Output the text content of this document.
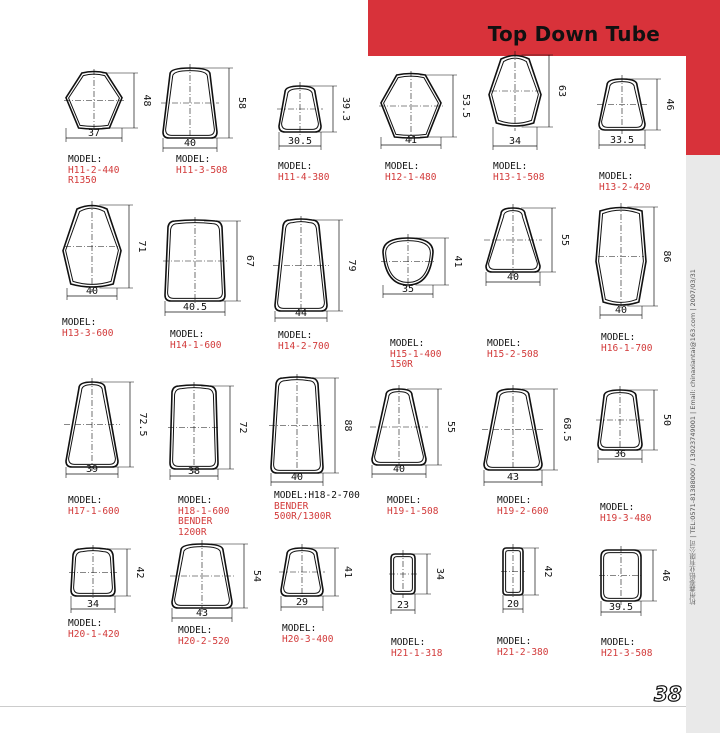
Top Down Tube
杭州鑫泰铝业有限公司 | TEL:0571-81388000 / 13023749001 | Email: chinaxiantai@163.com | 2007/03/31
38
37
48
40
58
30.5
39.3
41
53.5
34
63
33.5
46
40
71
40.5
67
44
79
35
41
40
55
40
86
39
72.5
38
72
40
88
40
55
43
68.5
36
50
34
42
43
54
29
41
23
34
20
42
39.5
46
MODEL:
H11-2-440
R1350
MODEL:
H11-3-508	MODEL:
H11-4-380
MODEL:
H12-1-480
MODEL:
H13-1-508	MODEL:
H13-2-420
MODEL:
H13-3-600	MODEL:
H14-1-600
MODEL:
H14-2-700	MODEL:
H15-1-400
150R
MODEL:
H15-2-508
MODEL:
H16-1-700
MODEL:
H17-1-600
MODEL:
H18-1-600
BENDER
1200R
MODEL:H18-2-700
BENDER
500R/1300R
MODEL:
H19-1-508
MODEL:
H19-2-600	MODEL:
H19-3-480
MODEL:
H20-1-420	MODEL:
H20-2-520
MODEL:
H20-3-400	MODEL:
H21-1-318
MODEL:
H21-2-380
MODEL:
H21-3-508
